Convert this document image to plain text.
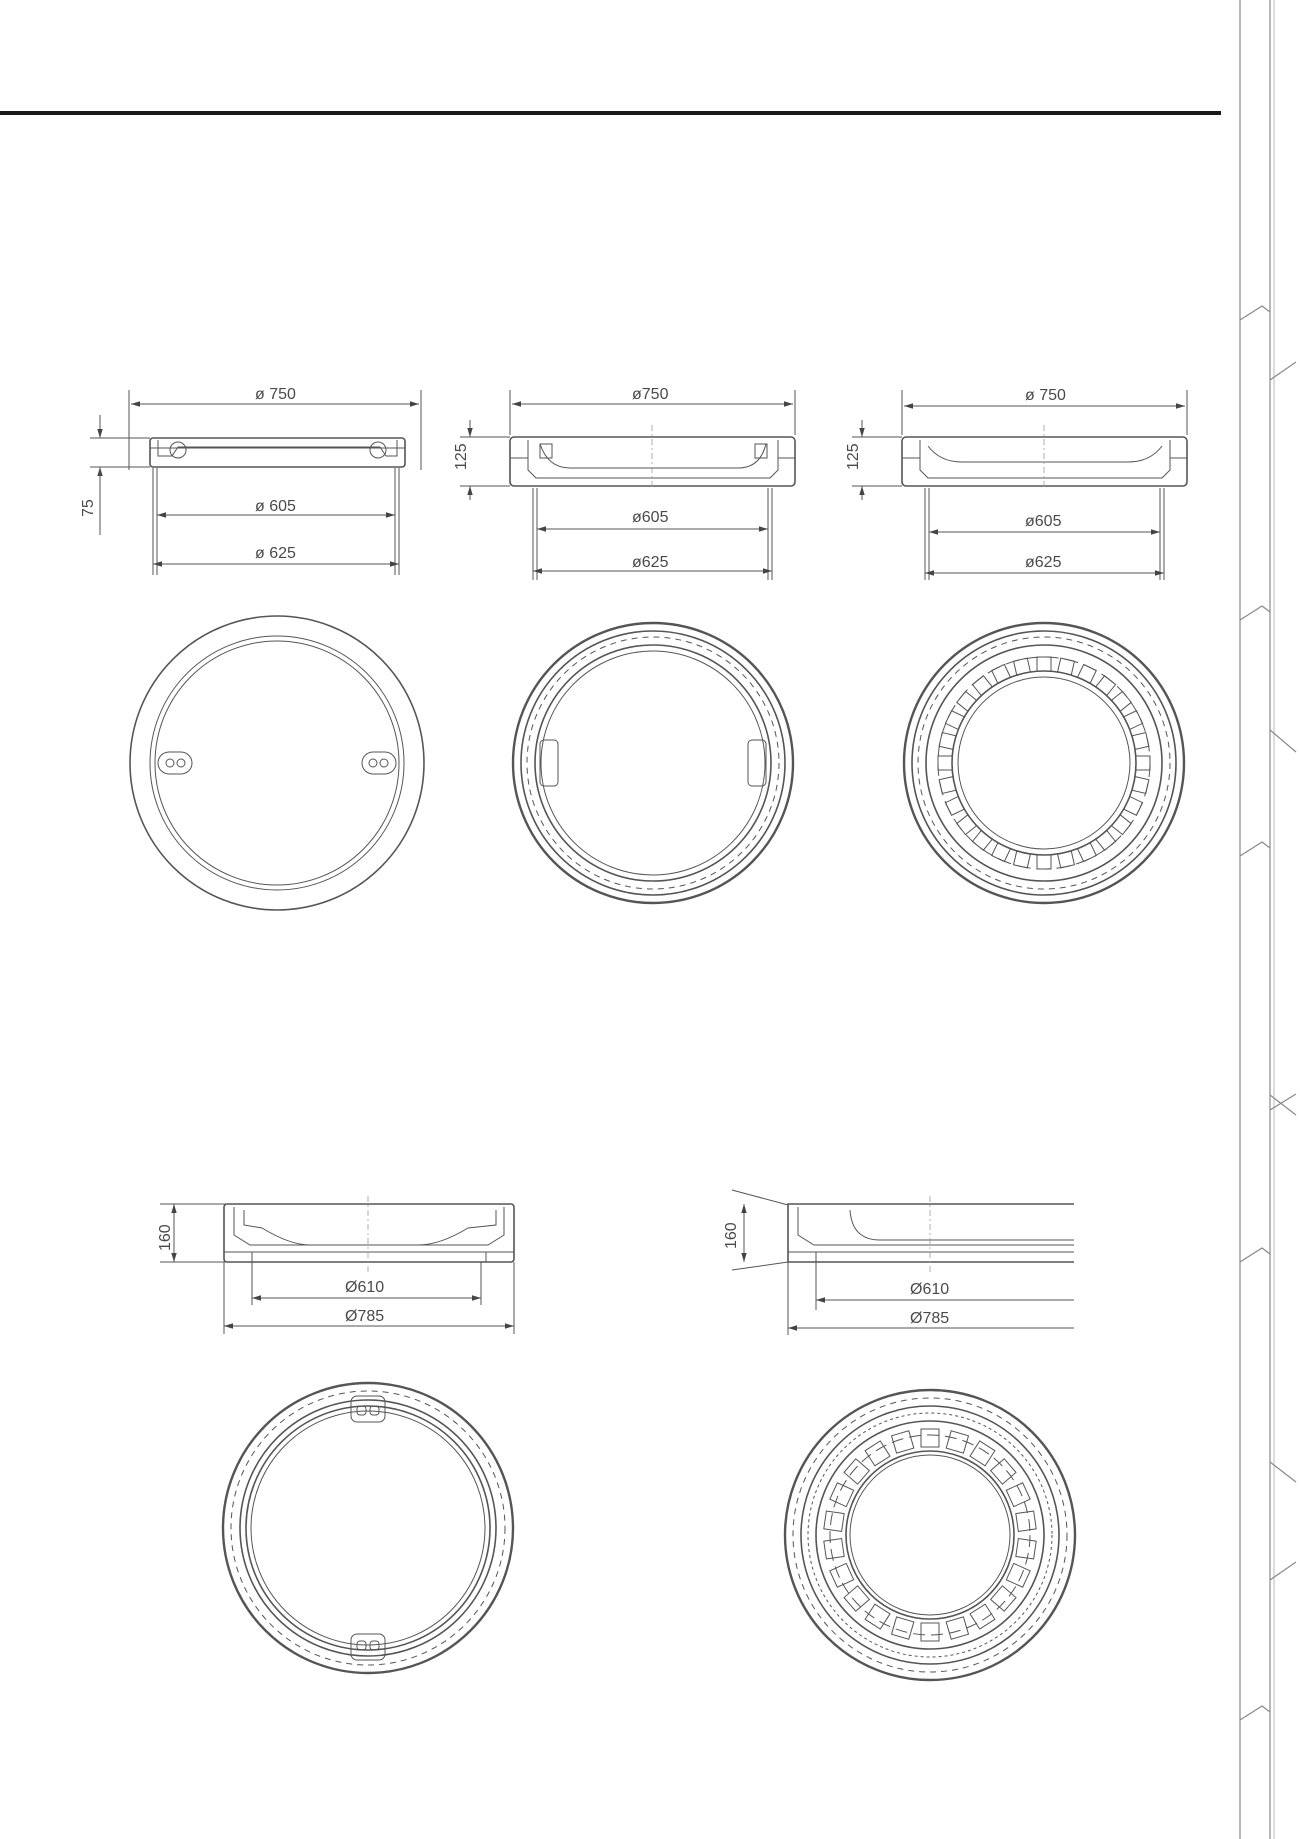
ø 750
75	ø 605
ø 625
ø750
125
ø605
ø625
ø 750
125
ø605
ø625
160
Ø610
Ø785
160
Ø610
Ø785
